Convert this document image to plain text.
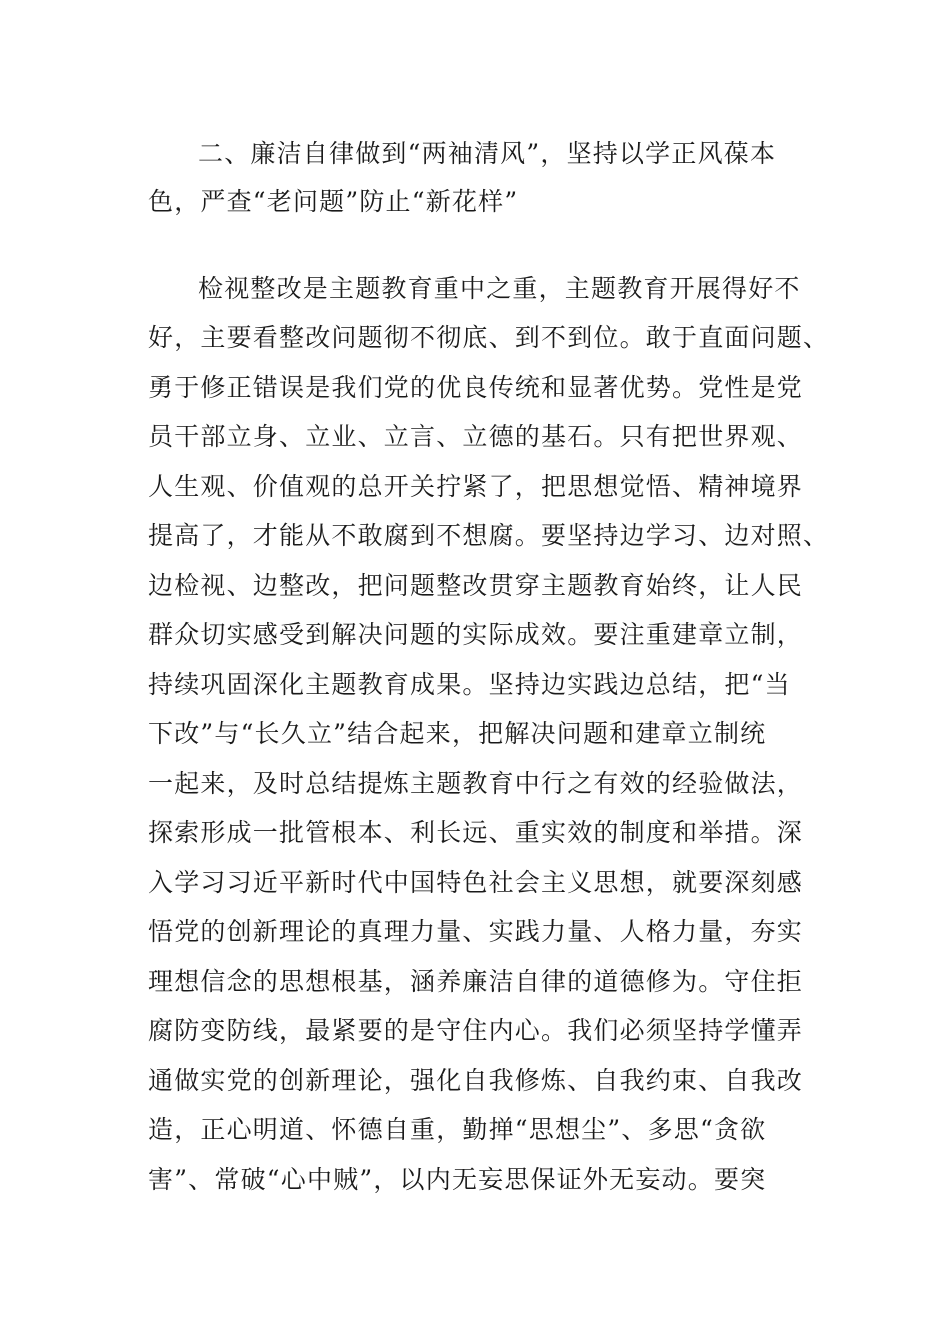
二、廉洁自律做到“两袖清风”，坚持以学正风葆本
色，严查“老问题”防止“新花样”
检视整改是主题教育重中之重，主题教育开展得好不
好，主要看整改问题彻不彻底、到不到位。敢于直面问题、
勇于修正错误是我们党的优良传统和显著优势。党性是党
员干部立身、立业、立言、立德的基石。只有把世界观、
人生观、价值观的总开关拧紧了，把思想觉悟、精神境界
提高了，才能从不敢腐到不想腐。要坚持边学习、边对照、
边检视、边整改，把问题整改贯穿主题教育始终，让人民
群众切实感受到解决问题的实际成效。要注重建章立制，
持续巩固深化主题教育成果。坚持边实践边总结，把“当
下改”与“长久立”结合起来，把解决问题和建章立制统
一起来，及时总结提炼主题教育中行之有效的经验做法，
探索形成一批管根本、利长远、重实效的制度和举措。深
入学习习近平新时代中国特色社会主义思想，就要深刻感
悟党的创新理论的真理力量、实践力量、人格力量，夯实
理想信念的思想根基，涵养廉洁自律的道德修为。守住拒
腐防变防线，最紧要的是守住内心。我们必须坚持学懂弄
通做实党的创新理论，强化自我修炼、自我约束、自我改
造，正心明道、怀德自重，勤掸“思想尘”、多思“贪欲
害”、常破“心中贼”，以内无妄思保证外无妄动。要突
